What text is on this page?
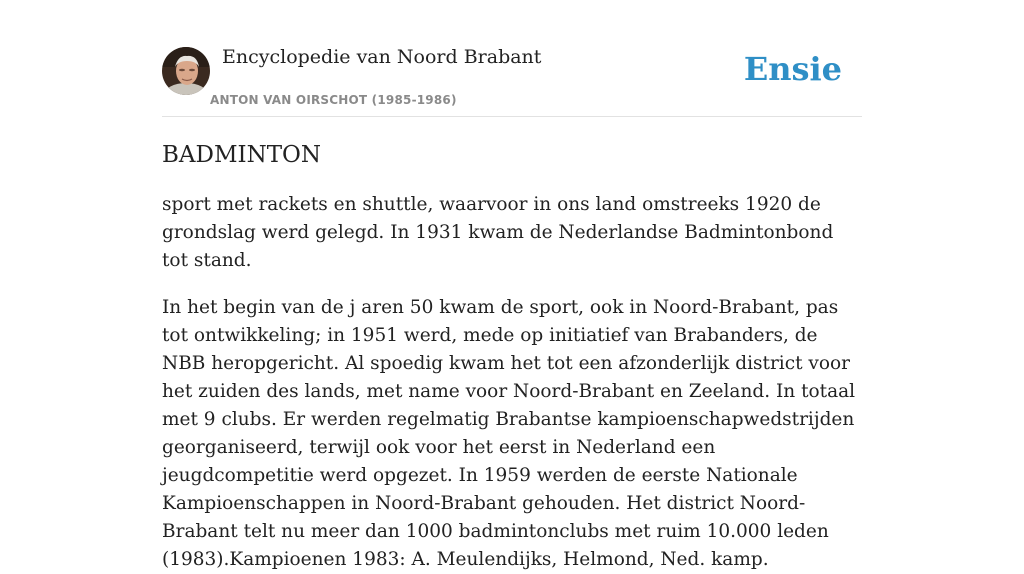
Encyclopedie van Noord Brabant
ANTON VAN OIRSCHOT (1985-1986)
Ensie
BADMINTON

sport met rackets en shuttle, waarvoor in ons land omstreeks 1920 de grondslag werd gelegd. In 1931 kwam de Nederlandse Badmintonbond tot stand.

In het begin van de j aren 50 kwam de sport, ook in Noord-Brabant, pas tot ontwikkeling; in 1951 werd, mede op initiatief van Brabanders, de NBB heropgericht. Al spoedig kwam het tot een afzonderlijk district voor het zuiden des lands, met name voor Noord-Brabant en Zeeland. In totaal met 9 clubs. Er werden regelmatig Brabantse kampioenschapwedstrijden georganiseerd, terwijl ook voor het eerst in Nederland een jeugdcompetitie werd opgezet. In 1959 werden de eerste Nationale Kampioenschappen in Noord-Brabant gehouden. Het district Noord-Brabant telt nu meer dan 1000 badmintonclubs met ruim 10.000 leden (1983).Kampioenen 1983: A. Meulendijks, Helmond, Ned. kamp.
